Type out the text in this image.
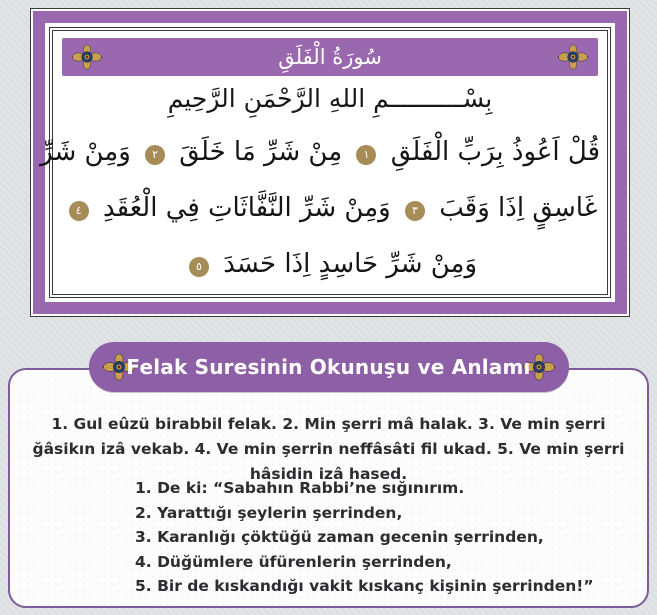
سُورَةُ الْفَلَقِ
بِسْــــــــــمِ اللهِ الرَّحْمَنِ الرَّحِيمِ
قُلْ اَعُوذُ بِرَبِّ الْفَلَقِ
١
مِنْ شَرِّ مَا خَلَقَ
٢
وَمِنْ شَرِّ
غَاسِقٍ اِذَا وَقَبَ
٣
وَمِنْ شَرِّ النَّفَّاثَاتِ فِي الْعُقَدِ
٤
وَمِنْ شَرِّ حَاسِدٍ اِذَا حَسَدَ
٥
Felak Suresinin Okunuşu ve Anlamı
1. Gul eûzü birabbil felak. 2. Min şerri mâ halak. 3. Ve min şerri ğâsikın izâ vekab. 4. Ve min şerrin neffâsâti fil ukad. 5. Ve min şerri hâsidin izâ hased.
1. De ki: “Sabahın Rabbi’ne sığınırım.
2. Yarattığı şeylerin şerrinden,
3. Karanlığı çöktüğü zaman gecenin şerrinden,
4. Düğümlere üfürenlerin şerrinden,
5. Bir de kıskandığı vakit kıskanç kişinin şerrinden!”
